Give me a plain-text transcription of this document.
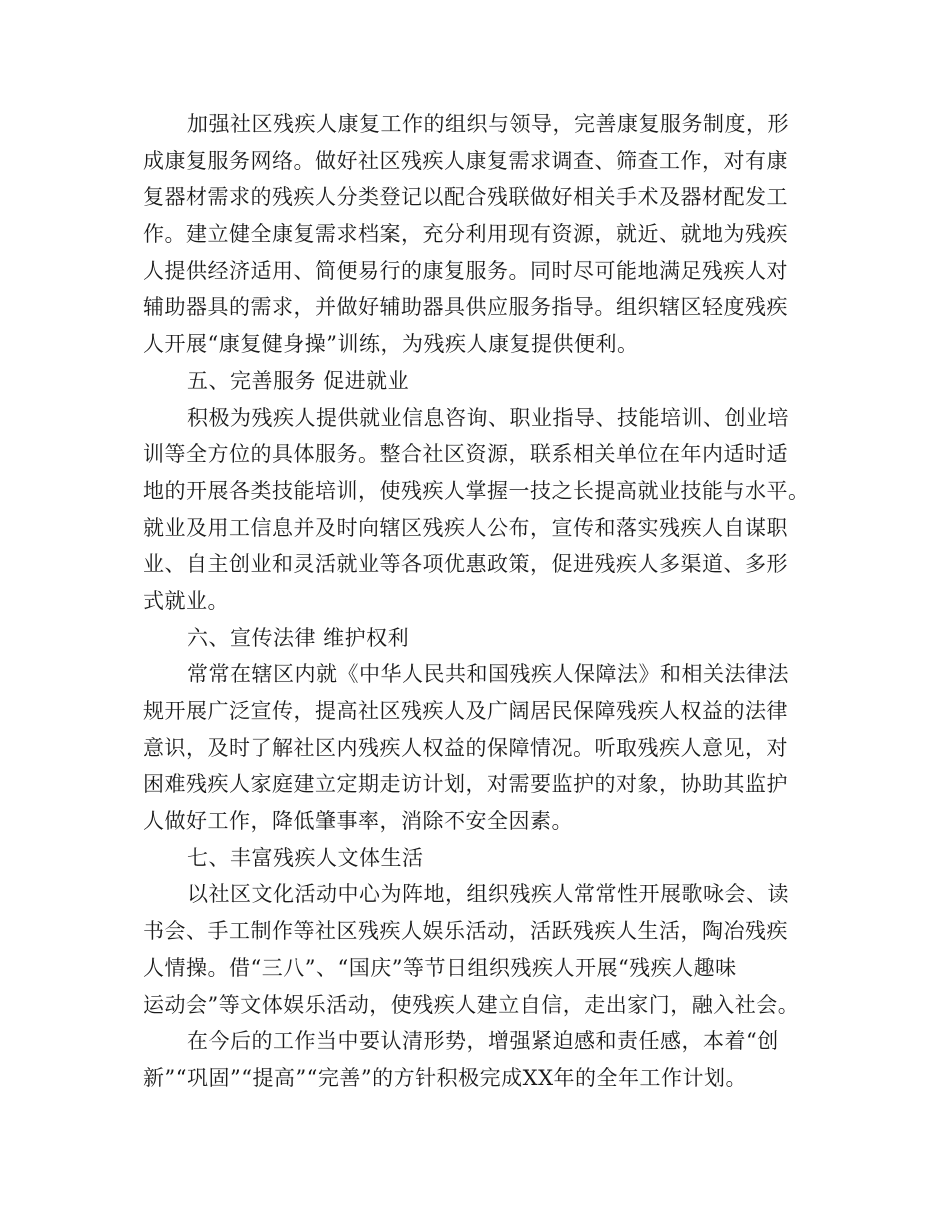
加强社区残疾人康复工作的组织与领导，完善康复服务制度，形
成康复服务网络。做好社区残疾人康复需求调查、筛查工作，对有康
复器材需求的残疾人分类登记以配合残联做好相关手术及器材配发工
作。建立健全康复需求档案，充分利用现有资源，就近、就地为残疾
人提供经济适用、简便易行的康复服务。同时尽可能地满足残疾人对
辅助器具的需求，并做好辅助器具供应服务指导。组织辖区轻度残疾
人开展“康复健身操”训练，为残疾人康复提供便利。
五、完善服务 促进就业
积极为残疾人提供就业信息咨询、职业指导、技能培训、创业培
训等全方位的具体服务。整合社区资源，联系相关单位在年内适时适
地的开展各类技能培训，使残疾人掌握一技之长提高就业技能与水平。
就业及用工信息并及时向辖区残疾人公布，宣传和落实残疾人自谋职
业、自主创业和灵活就业等各项优惠政策，促进残疾人多渠道、多形
式就业。
六、宣传法律 维护权利
常常在辖区内就《中华人民共和国残疾人保障法》和相关法律法
规开展广泛宣传，提高社区残疾人及广阔居民保障残疾人权益的法律
意识，及时了解社区内残疾人权益的保障情况。听取残疾人意见，对
困难残疾人家庭建立定期走访计划，对需要监护的对象，协助其监护
人做好工作，降低肇事率，消除不安全因素。
七、丰富残疾人文体生活
以社区文化活动中心为阵地，组织残疾人常常性开展歌咏会、读
书会、手工制作等社区残疾人娱乐活动，活跃残疾人生活，陶冶残疾
人情操。借“三八”、“国庆”等节日组织残疾人开展“残疾人趣味
运动会”等文体娱乐活动，使残疾人建立自信，走出家门，融入社会。
在今后的工作当中要认清形势，增强紧迫感和责任感，本着“创
新”“巩固”“提高”“完善”的方针积极完成XX年的全年工作计划。
